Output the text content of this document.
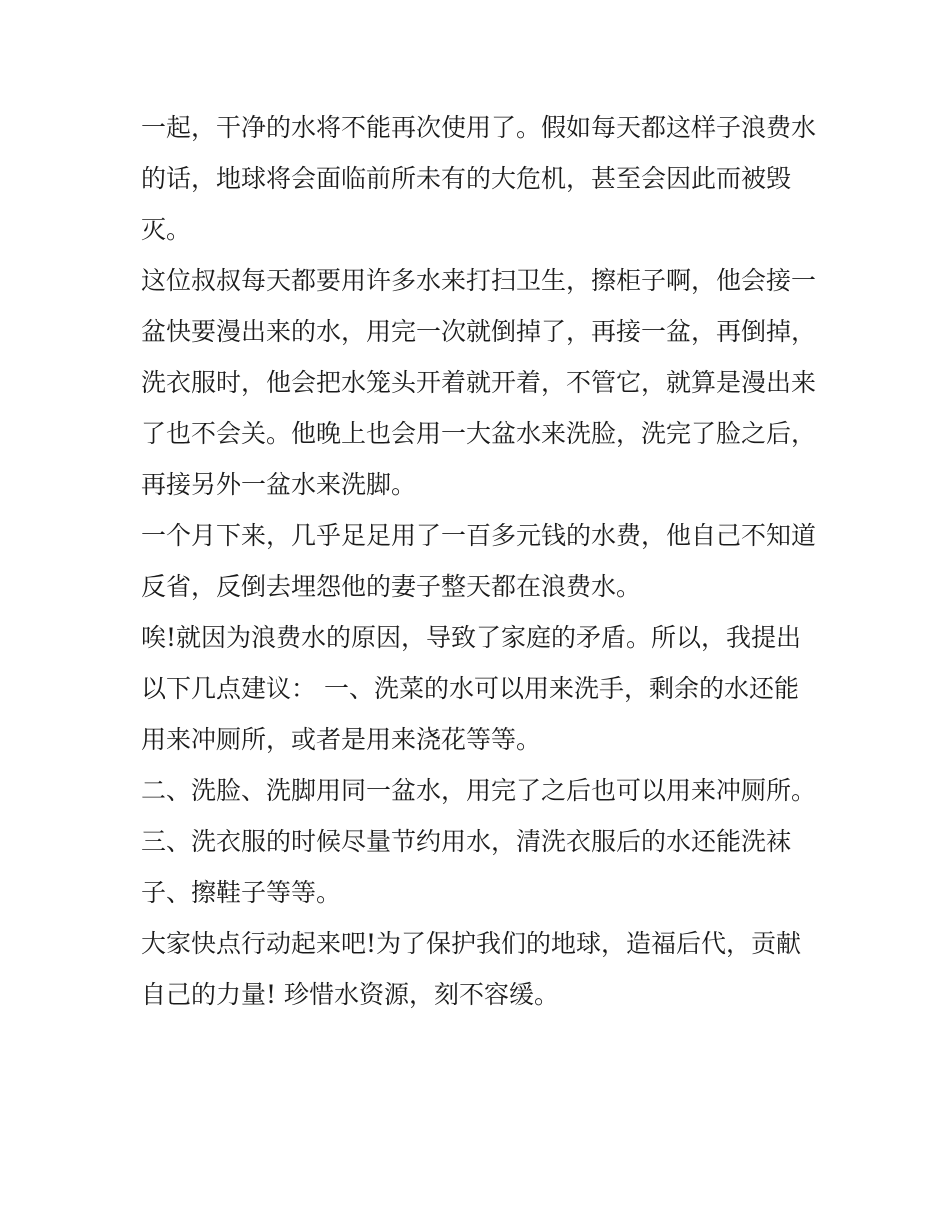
一起，干净的水将不能再次使用了。假如每天都这样子浪费水
的话，地球将会面临前所未有的大危机，甚至会因此而被毁
灭。
这位叔叔每天都要用许多水来打扫卫生，擦柜子啊，他会接一
盆快要漫出来的水，用完一次就倒掉了，再接一盆，再倒掉，
洗衣服时，他会把水笼头开着就开着，不管它，就算是漫出来
了也不会关。他晚上也会用一大盆水来洗脸，洗完了脸之后，
再接另外一盆水来洗脚。
一个月下来，几乎足足用了一百多元钱的水费，他自己不知道
反省，反倒去埋怨他的妻子整天都在浪费水。
唉!就因为浪费水的原因，导致了家庭的矛盾。所以，我提出
以下几点建议： 一、洗菜的水可以用来洗手，剩余的水还能
用来冲厕所，或者是用来浇花等等。
二、洗脸、洗脚用同一盆水，用完了之后也可以用来冲厕所。
三、洗衣服的时候尽量节约用水，清洗衣服后的水还能洗袜
子、擦鞋子等等。
大家快点行动起来吧!为了保护我们的地球，造福后代，贡献
自己的力量! 珍惜水资源，刻不容缓。
